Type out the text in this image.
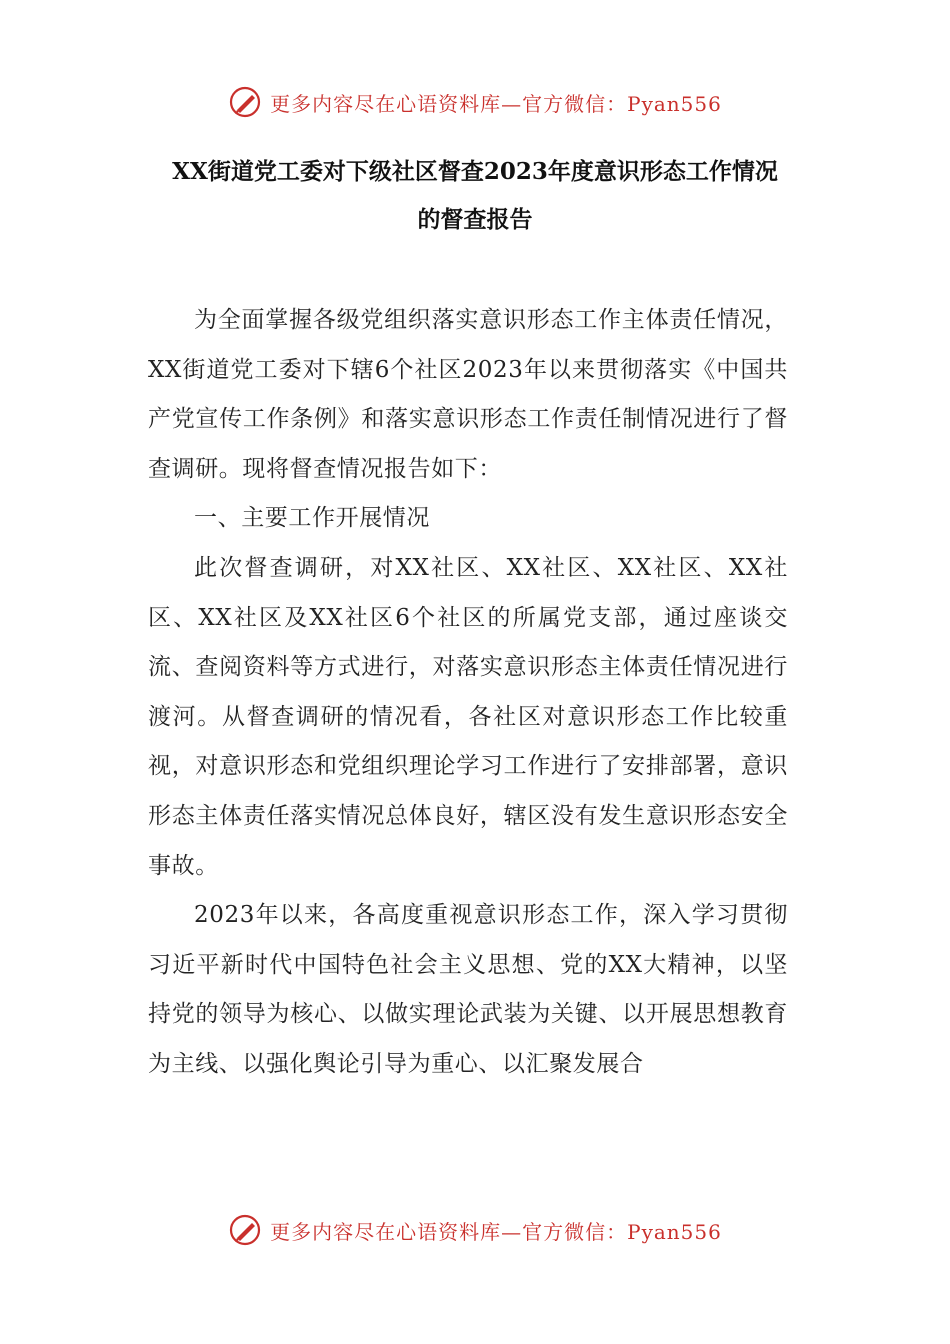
更多内容尽在心语资料库—官方微信：Pyan556
XX街道党工委对下级社区督查2023年度意识形态工作情况
的督查报告

为全面掌握各级党组织落实意识形态工作主体责任情况，XX街道党工委对下辖6个社区2023年以来贯彻落实《中国共产党宣传工作条例》和落实意识形态工作责任制情况进行了督查调研。现将督查情况报告如下：

一、主要工作开展情况

此次督查调研，对XX社区、XX社区、XX社区、XX社区、XX社区及XX社区6个社区的所属党支部，通过座谈交流、查阅资料等方式进行，对落实意识形态主体责任情况进行渡河。从督查调研的情况看，各社区对意识形态工作比较重视，对意识形态和党组织理论学习工作进行了安排部署，意识形态主体责任落实情况总体良好，辖区没有发生意识形态安全事故。

2023年以来，各高度重视意识形态工作，深入学习贯彻习近平新时代中国特色社会主义思想、党的XX大精神，以坚持党的领导为核心、以做实理论武装为关键、以开展思想教育为主线、以强化舆论引导为重心、以汇聚发展合

更多内容尽在心语资料库—官方微信：Pyan556
